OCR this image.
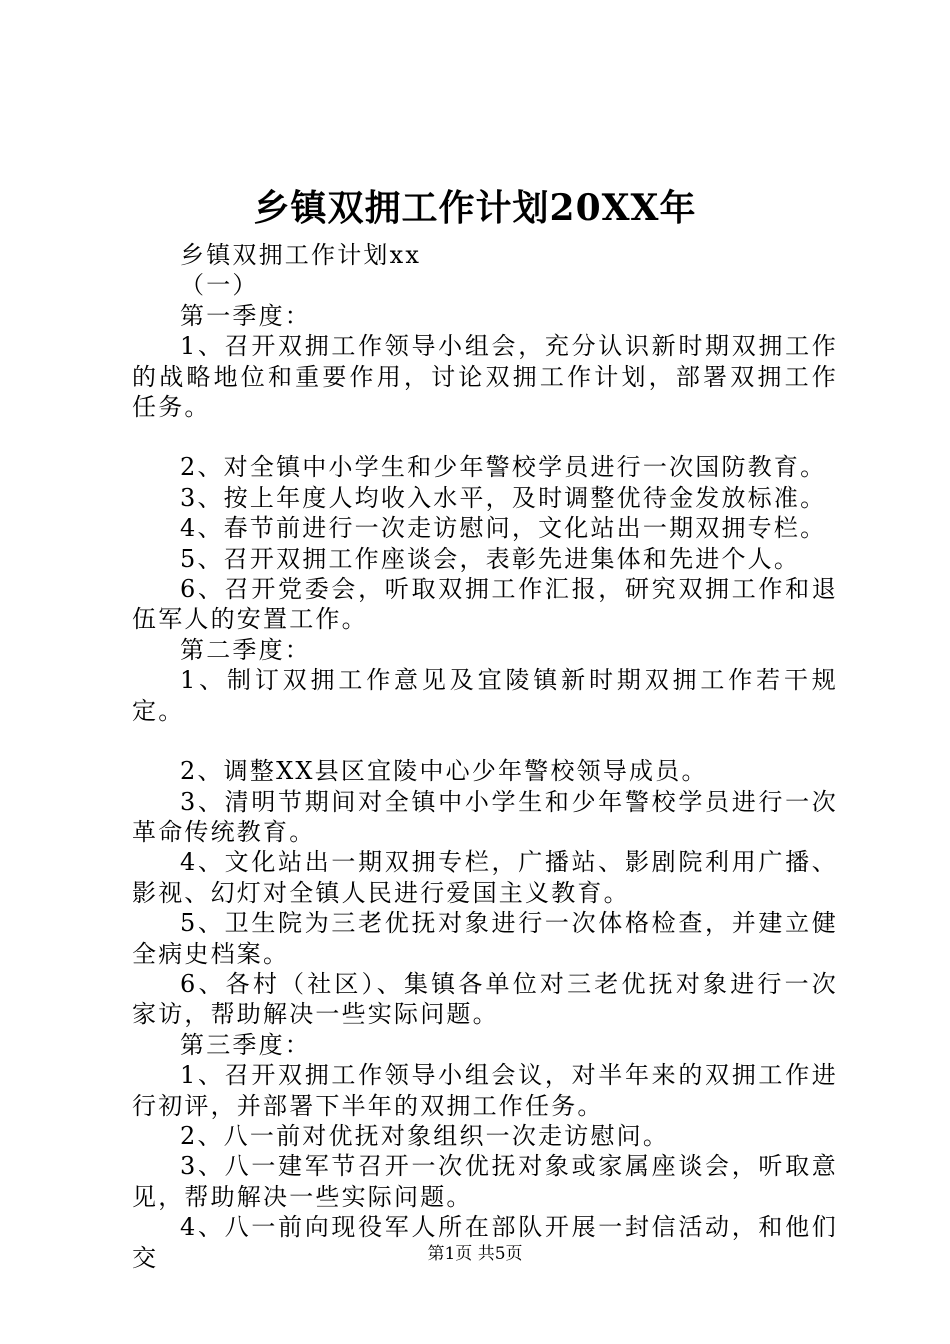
乡镇双拥工作计划20XX年

乡镇双拥工作计划xx

（一）

第一季度：

1、召开双拥工作领导小组会，充分认识新时期双拥工作的战略地位和重要作用，讨论双拥工作计划，部署双拥工作任务。

2、对全镇中小学生和少年警校学员进行一次国防教育。

3、按上年度人均收入水平，及时调整优待金发放标准。

4、春节前进行一次走访慰问，文化站出一期双拥专栏。

5、召开双拥工作座谈会，表彰先进集体和先进个人。

6、召开党委会，听取双拥工作汇报，研究双拥工作和退伍军人的安置工作。

第二季度：

1、制订双拥工作意见及宜陵镇新时期双拥工作若干规定。

2、调整XX县区宜陵中心少年警校领导成员。

3、清明节期间对全镇中小学生和少年警校学员进行一次革命传统教育。

4、文化站出一期双拥专栏，广播站、影剧院利用广播、影视、幻灯对全镇人民进行爱国主义教育。

5、卫生院为三老优抚对象进行一次体格检查，并建立健全病史档案。

6、各村（社区）、集镇各单位对三老优抚对象进行一次家访，帮助解决一些实际问题。

第三季度：

1、召开双拥工作领导小组会议，对半年来的双拥工作进行初评，并部署下半年的双拥工作任务。

2、八一前对优抚对象组织一次走访慰问。

3、八一建军节召开一次优抚对象或家属座谈会，听取意见，帮助解决一些实际问题。

4、八一前向现役军人所在部队开展一封信活动，和他们交	第1页 共5页
